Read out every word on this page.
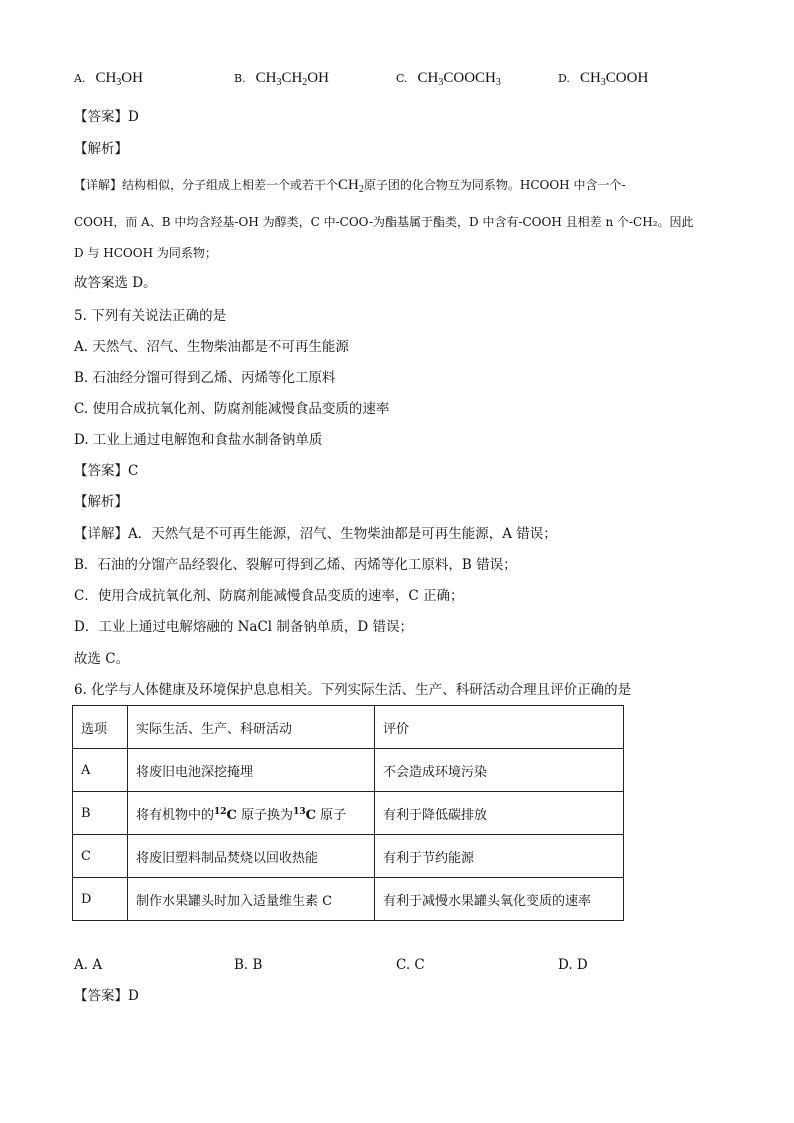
A. $CH_3OH$	B. $CH_3CH_2OH$	C. $CH_3COOCH_3$	D. $CH_3COOH$
【答案】D
【解析】
【详解】结构相似，分子组成上相差一个或若干个$CH_2$原子团的化合物互为同系物。HCOOH 中含一个-
COOH，而 A、B 中均含羟基-OH 为醇类，C 中-COO-为酯基属于酯类，D 中含有-COOH 且相差 n 个-CH₂。因此
D 与 HCOOH 为同系物；
故答案选 D。
5. 下列有关说法正确的是
A. 天然气、沼气、生物柴油都是不可再生能源
B. 石油经分馏可得到乙烯、丙烯等化工原料
C. 使用合成抗氧化剂、防腐剂能减慢食品变质的速率
D. 工业上通过电解饱和食盐水制备钠单质
【答案】C
【解析】
【详解】A．天然气是不可再生能源，沼气、生物柴油都是可再生能源，A 错误；
B．石油的分馏产品经裂化、裂解可得到乙烯、丙烯等化工原料，B 错误；
C．使用合成抗氧化剂、防腐剂能减慢食品变质的速率，C 正确；
D．工业上通过电解熔融的 NaCl 制备钠单质，D 错误；
故选 C。
6. 化学与人体健康及环境保护息息相关。下列实际生活、生产、科研活动合理且评价正确的是
选项	实际生活、生产、科研活动	评价
A	将废旧电池深挖掩埋	不会造成环境污染
B	将有机物中的$^{12}$C 原子换为$^{13}$C 原子	有利于降低碳排放
C	将废旧塑料制品焚烧以回收热能	有利于节约能源
D	制作水果罐头时加入适量维生素 C	有利于减慢水果罐头氧化变质的速率
A. A	B. B	C. C	D. D
【答案】D
